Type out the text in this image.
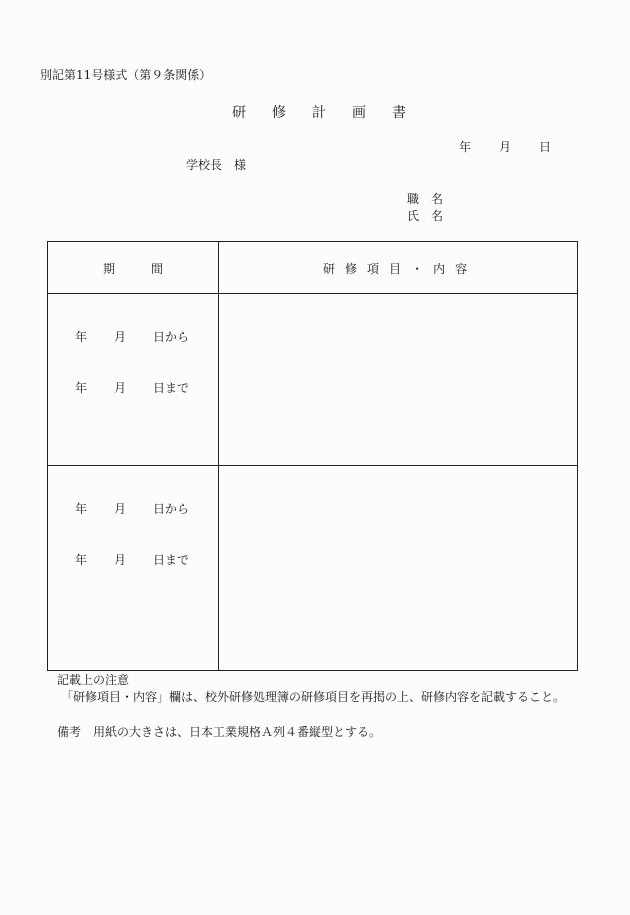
別記第11号様式（第９条関係）
研 修 計 画 書
年 月 日
学校長　様
職　名
氏　名
期	間	研 修 項 目 ・ 内 容
年 月 日から
年 月 日まで
年 月 日から
年 月 日まで
記載上の注意
「研修項目・内容」欄は、校外研修処理簿の研修項目を再掲の上、研修内容を記載すること。
備考　用紙の大きさは、日本工業規格Ａ列４番縦型とする。
